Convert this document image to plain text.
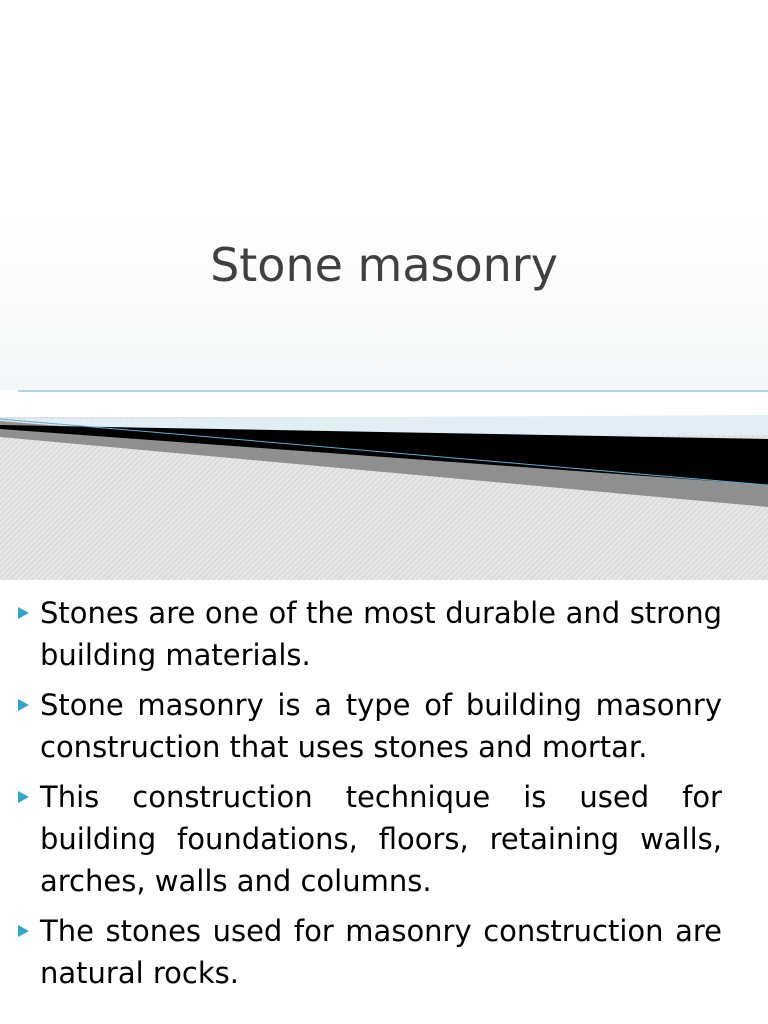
Stone masonry
Stones are one of the most durable and strong building materials.
Stone masonry is a type of building masonry construction that uses stones and mortar.
This construction technique is used for building foundations, floors, retaining walls, arches, walls and columns.
The stones used for masonry construction are natural rocks.
